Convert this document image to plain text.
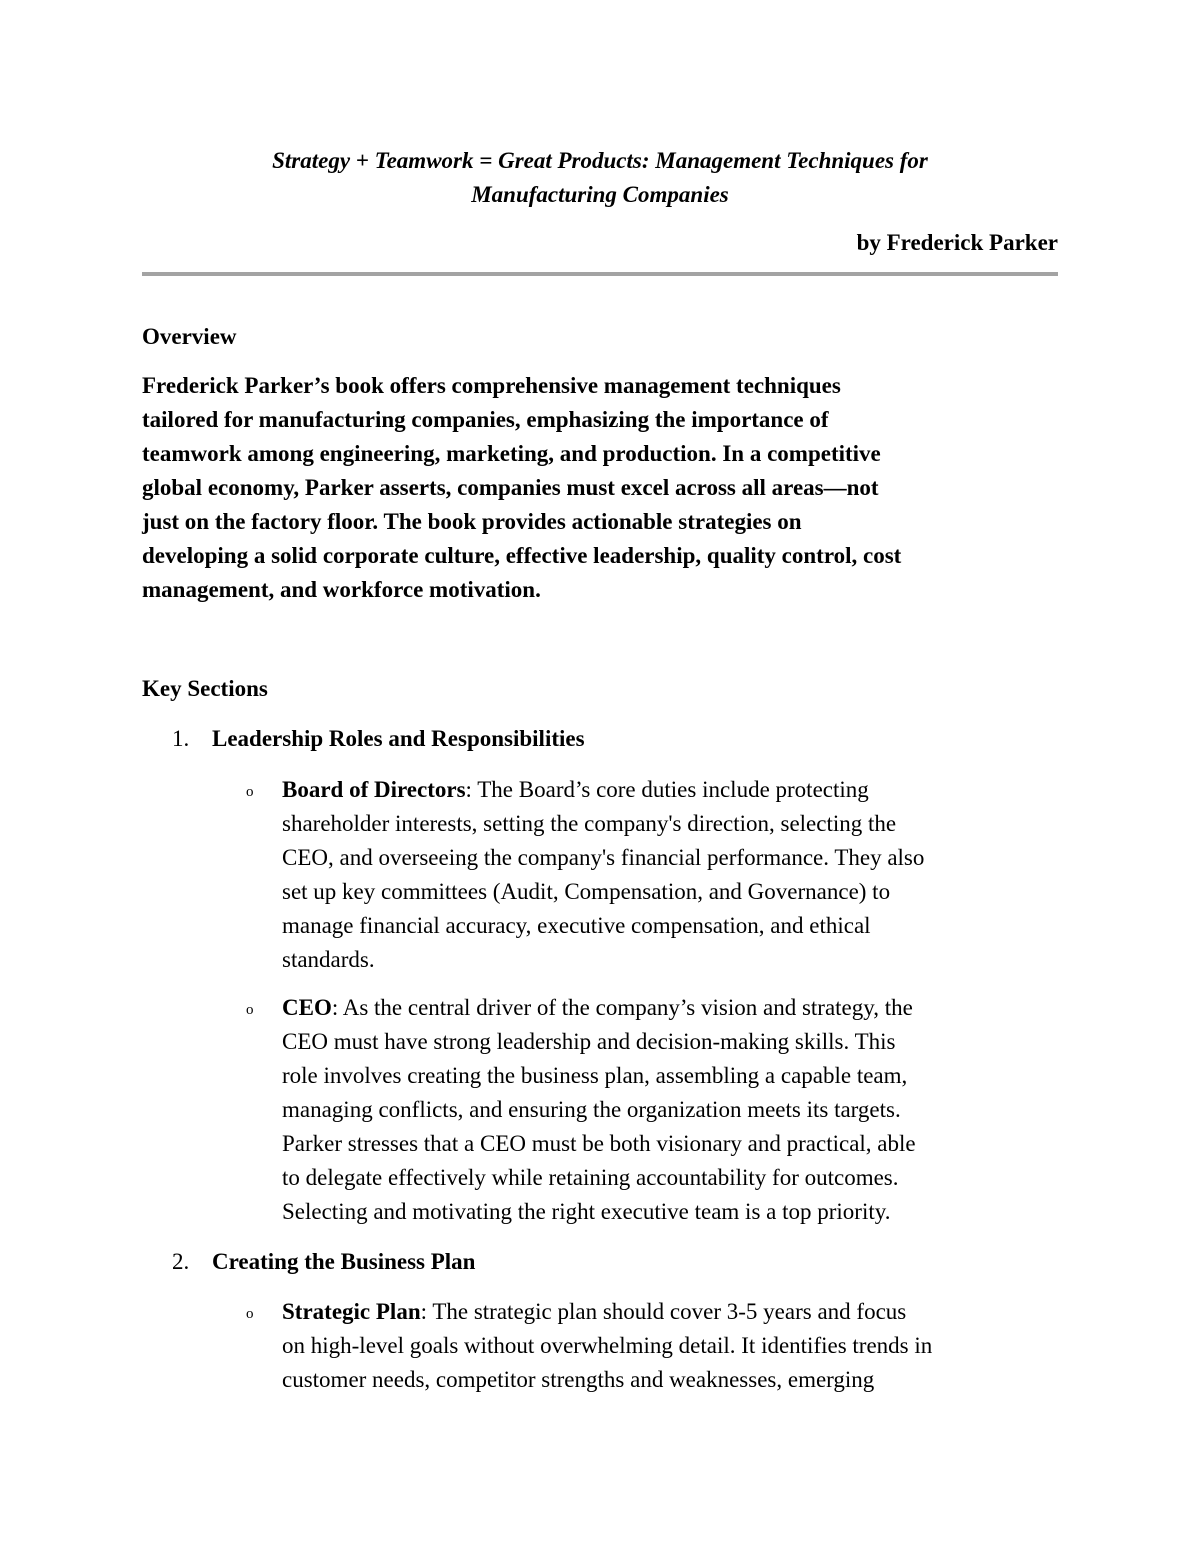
Strategy + Teamwork = Great Products: Management Techniques for
Manufacturing Companies
by Frederick Parker
Overview
Frederick Parker’s book offers comprehensive management techniques
tailored for manufacturing companies, emphasizing the importance of
teamwork among engineering, marketing, and production. In a competitive
global economy, Parker asserts, companies must excel across all areas—not
just on the factory floor. The book provides actionable strategies on
developing a solid corporate culture, effective leadership, quality control, cost
management, and workforce motivation.
Key Sections
1. Leadership Roles and Responsibilities
o Board of Directors: The Board’s core duties include protecting
shareholder interests, setting the company's direction, selecting the
CEO, and overseeing the company's financial performance. They also
set up key committees (Audit, Compensation, and Governance) to
manage financial accuracy, executive compensation, and ethical
standards.
o CEO: As the central driver of the company’s vision and strategy, the
CEO must have strong leadership and decision-making skills. This
role involves creating the business plan, assembling a capable team,
managing conflicts, and ensuring the organization meets its targets.
Parker stresses that a CEO must be both visionary and practical, able
to delegate effectively while retaining accountability for outcomes.
Selecting and motivating the right executive team is a top priority.
2. Creating the Business Plan
o Strategic Plan: The strategic plan should cover 3-5 years and focus
on high-level goals without overwhelming detail. It identifies trends in
customer needs, competitor strengths and weaknesses, emerging
